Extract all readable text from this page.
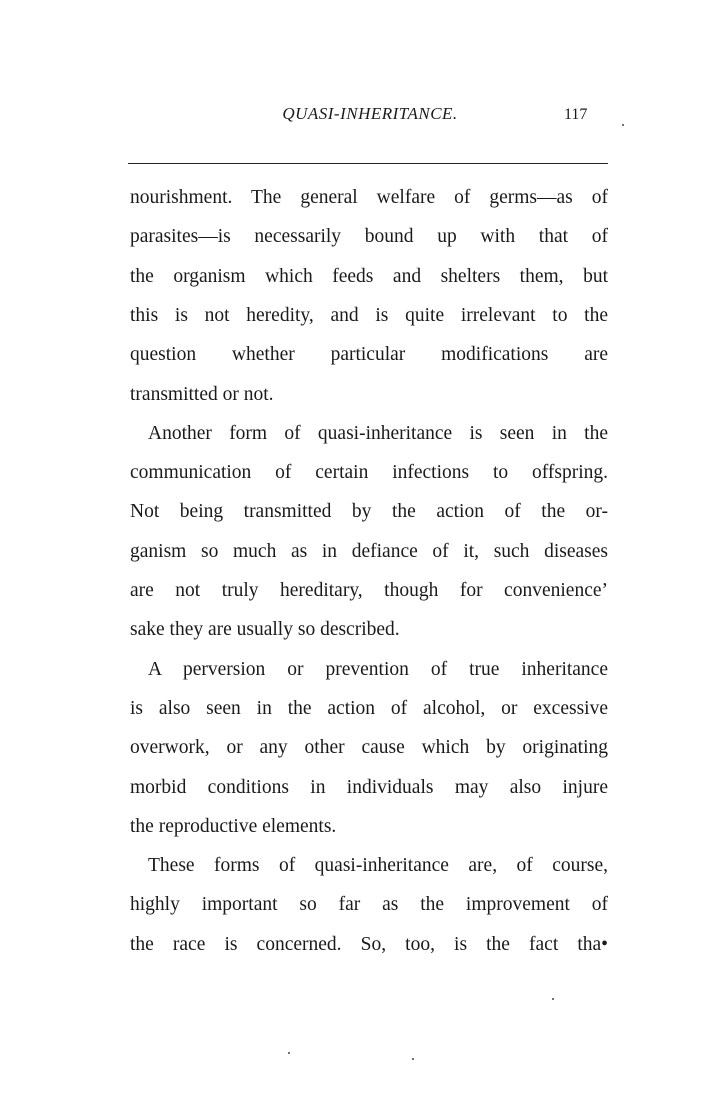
QUASI-INHERITANCE.	117
nourishment. The general welfare of germs—as of
parasites—is necessarily bound up with that of
the organism which feeds and shelters them, but
this is not heredity, and is quite irrelevant to the
question whether particular modifications are
transmitted or not.
Another form of quasi-inheritance is seen in the
communication of certain infections to offspring.
Not being transmitted by the action of the or-
ganism so much as in defiance of it, such diseases
are not truly hereditary, though for convenience’
sake they are usually so described.
A perversion or prevention of true inheritance
is also seen in the action of alcohol, or excessive
overwork, or any other cause which by originating
morbid conditions in individuals may also injure
the reproductive elements.
These forms of quasi-inheritance are, of course,
highly important so far as the improvement of
the race is concerned. So, too, is the fact tha•
